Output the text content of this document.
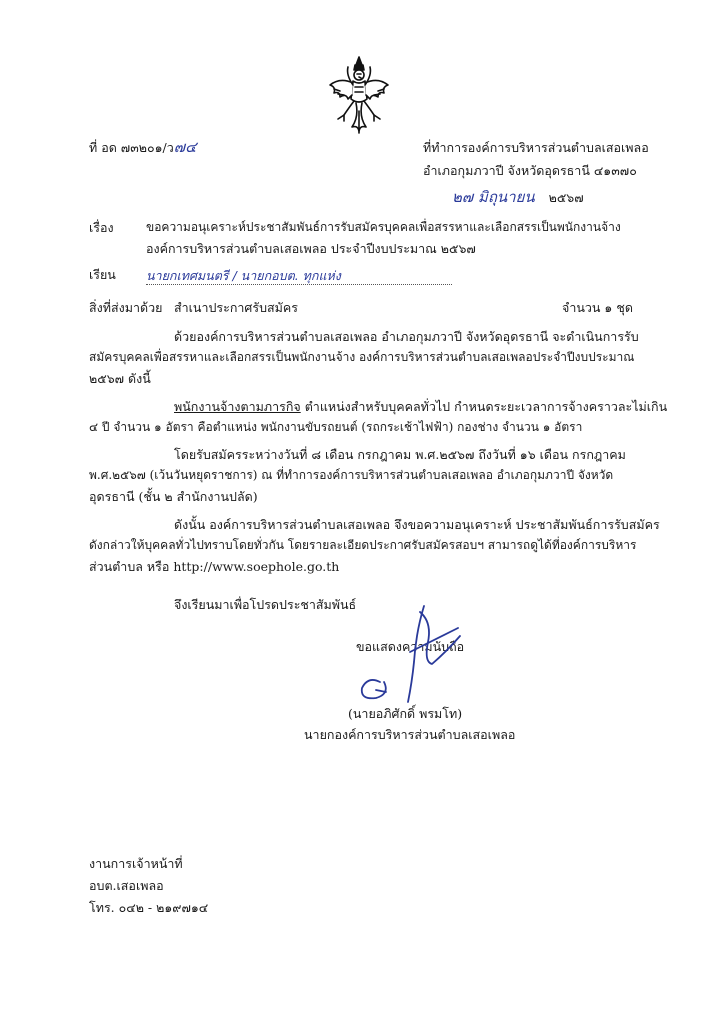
ที่ อด ๗๓๒๐๑/ว๗๔	ที่ทำการองค์การบริหารส่วนตำบลเสอเพลอ
อำเภอกุมภวาปี จังหวัดอุดรธานี ๔๑๓๗๐
๒๗ มิถุนายน ๒๕๖๗
เรื่อง	ขอความอนุเคราะห์ประชาสัมพันธ์การรับสมัครบุคคลเพื่อสรรหาและเลือกสรรเป็นพนักงานจ้าง
องค์การบริหารส่วนตำบลเสอเพลอ ประจำปีงบประมาณ ๒๕๖๗
เรียน นายกเทศมนตรี / นายกอบต. ทุกแห่ง
สิ่งที่ส่งมาด้วย สำเนาประกาศรับสมัคร	จำนวน ๑ ชุด
ด้วยองค์การบริหารส่วนตำบลเสอเพลอ อำเภอกุมภวาปี จังหวัดอุดรธานี จะดำเนินการรับ
สมัครบุคคลเพื่อสรรหาและเลือกสรรเป็นพนักงานจ้าง องค์การบริหารส่วนตำบลเสอเพลอประจำปีงบประมาณ
๒๕๖๗ ดังนี้
พนักงานจ้างตามภารกิจ ตำแหน่งสำหรับบุคคลทั่วไป กำหนดระยะเวลาการจ้างคราวละไม่เกิน
๔ ปี จำนวน ๑ อัตรา คือตำแหน่ง พนักงานขับรถยนต์ (รถกระเช้าไฟฟ้า) กองช่าง จำนวน ๑ อัตรา
โดยรับสมัครระหว่างวันที่ ๘ เดือน กรกฎาคม พ.ศ.๒๕๖๗ ถึงวันที่ ๑๖ เดือน กรกฎาคม
พ.ศ.๒๕๖๗ (เว้นวันหยุดราชการ) ณ ที่ทำการองค์การบริหารส่วนตำบลเสอเพลอ อำเภอกุมภวาปี จังหวัด
อุดรธานี (ชั้น ๒ สำนักงานปลัด)
ดังนั้น องค์การบริหารส่วนตำบลเสอเพลอ จึงขอความอนุเคราะห์ ประชาสัมพันธ์การรับสมัคร
ดังกล่าวให้บุคคลทั่วไปทราบโดยทั่วกัน โดยรายละเอียดประกาศรับสมัครสอบฯ สามารถดูได้ที่องค์การบริหาร
ส่วนตำบล หรือ http://www.soephole.go.th
จึงเรียนมาเพื่อโปรดประชาสัมพันธ์
ขอแสดงความนับถือ
(นายอภิศักดิ์ พรมโท)
นายกองค์การบริหารส่วนตำบลเสอเพลอ
งานการเจ้าหน้าที่
อบต.เสอเพลอ
โทร. ๐๔๒ - ๒๑๙๗๑๔
